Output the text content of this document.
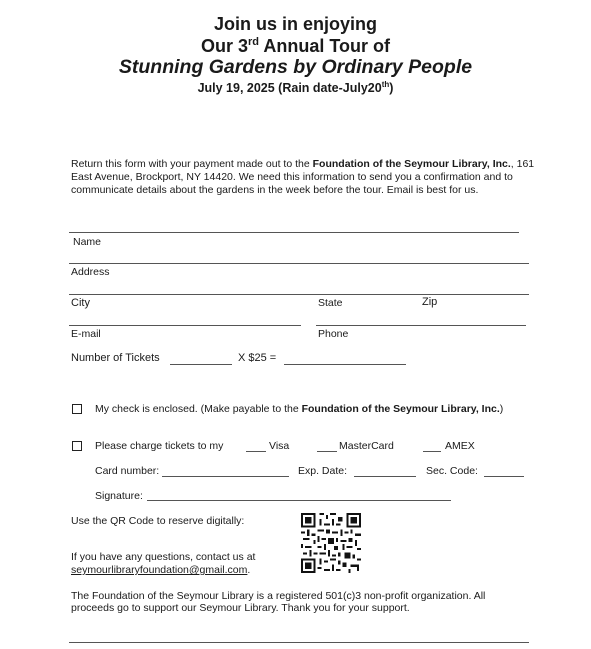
Join us in enjoying
Our 3rd Annual Tour of
Stunning Gardens by Ordinary People
July 19, 2025 (Rain date-July20th)
Return this form with your payment made out to the Foundation of the Seymour Library, Inc., 161 East Avenue, Brockport, NY 14420. We need this information to send you a confirmation and to communicate details about the gardens in the week before the tour. Email is best for us.
Name
Address
City	State	Zip
E-mail	Phone
Number of Tickets	X $25 =
My check is enclosed. (Make payable to the Foundation of the Seymour Library, Inc.)
Please charge tickets to my	Visa	MasterCard	AMEX
Card number:	Exp. Date:	Sec. Code:
Signature:
Use the QR Code to reserve digitally:
If you have any questions, contact us at
seymourlibraryfoundation@gmail.com.
The Foundation of the Seymour Library is a registered 501(c)3 non-profit organization. All
proceeds go to support our Seymour Library. Thank you for your support.
